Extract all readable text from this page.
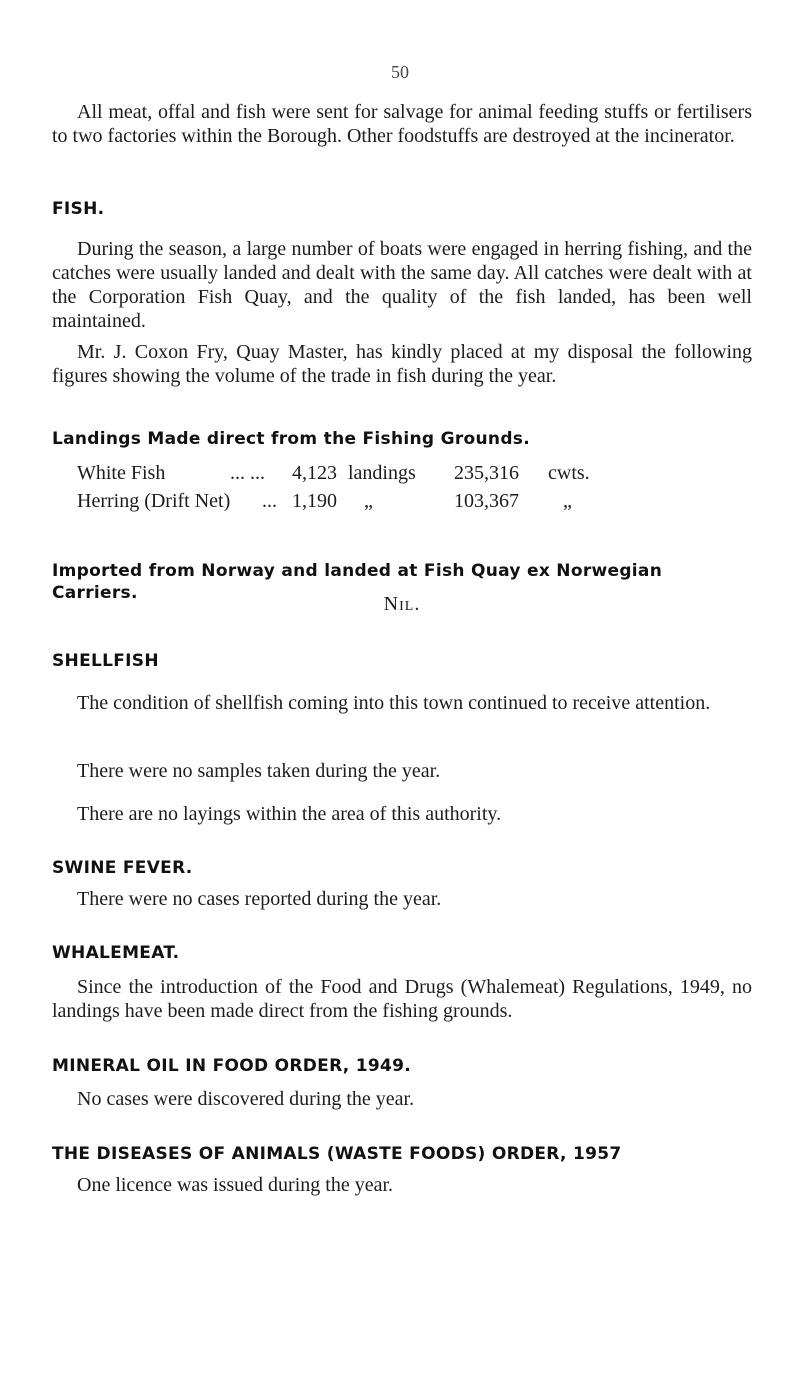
50

All meat, offal and fish were sent for salvage for animal feeding stuffs or fertilisers to two factories within the Borough. Other foodstuffs are destroyed at the incinerator.

FISH.

During the season, a large number of boats were engaged in herring fishing, and the catches were usually landed and dealt with the same day. All catches were dealt with at the Corporation Fish Quay, and the quality of the fish landed, has been well maintained.

Mr. J. Coxon Fry, Quay Master, has kindly placed at my disposal the following figures showing the volume of the trade in fish during the year.

Landings Made direct from the Fishing Grounds.

White Fish	... ... 4,123 landings 235,316 cwts.
Herring (Drift Net) ... 1,190 „	103,367 „

Imported from Norway and landed at Fish Quay ex Norwegian Carriers.	Nil.

SHELLFISH

The condition of shellfish coming into this town continued to receive attention.

There were no samples taken during the year.

There are no layings within the area of this authority.

SWINE FEVER.

There were no cases reported during the year.

WHALEMEAT.

Since the introduction of the Food and Drugs (Whalemeat) Regulations, 1949, no landings have been made direct from the fishing grounds.

MINERAL OIL IN FOOD ORDER, 1949.

No cases were discovered during the year.

THE DISEASES OF ANIMALS (WASTE FOODS) ORDER, 1957

One licence was issued during the year.
